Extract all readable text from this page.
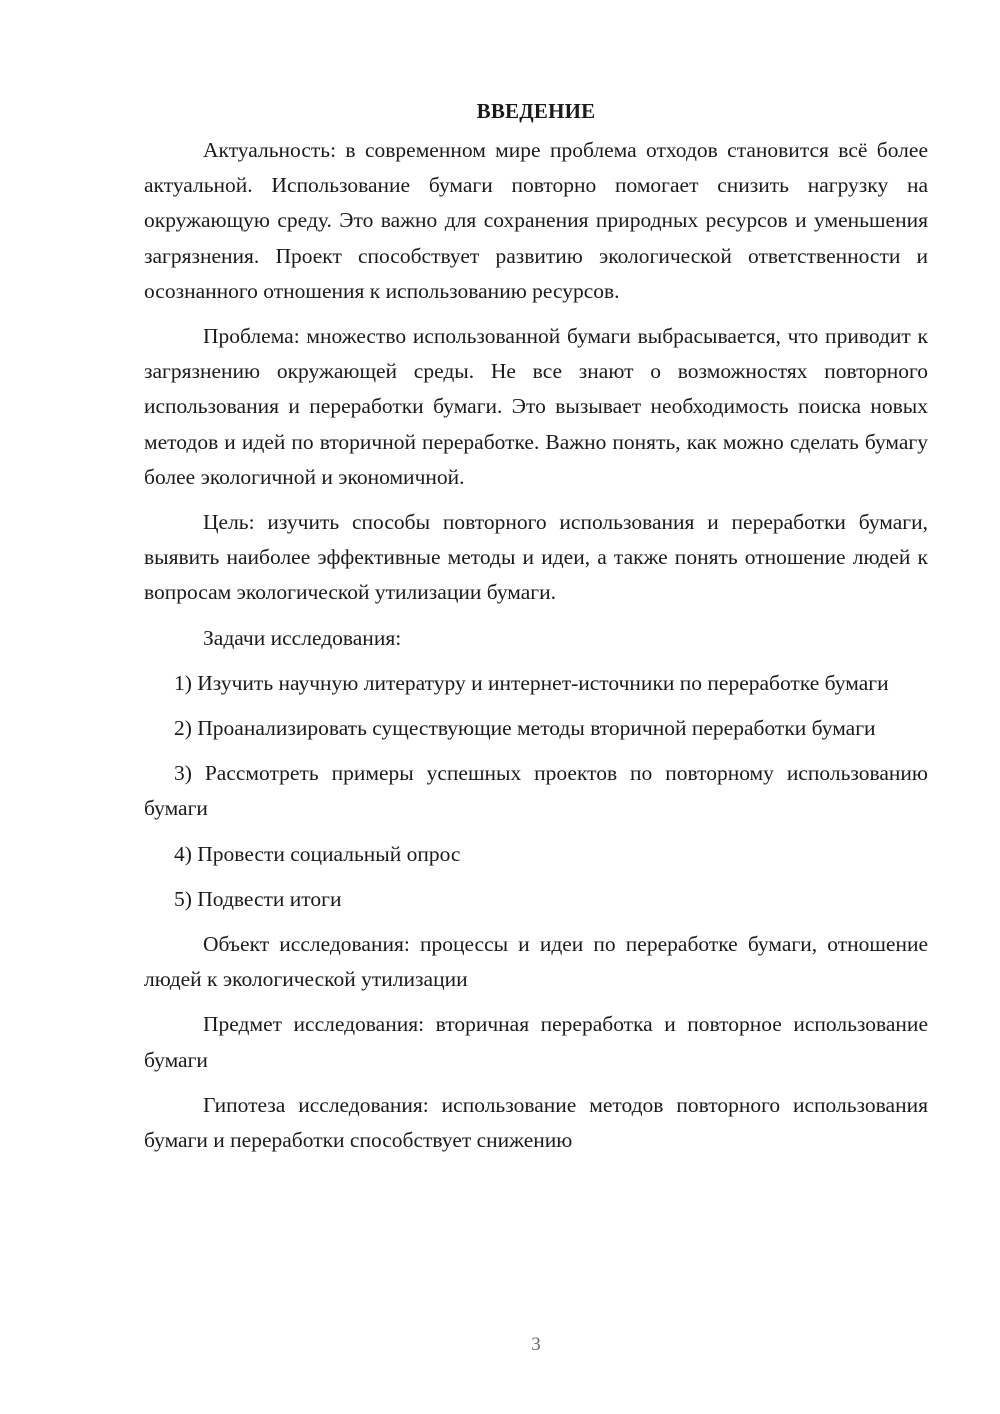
ВВЕДЕНИЕ

Актуальность: в современном мире проблема отходов становится всё более актуальной. Использование бумаги повторно помогает снизить нагрузку на окружающую среду. Это важно для сохранения природных ресурсов и уменьшения загрязнения. Проект способствует развитию экологической ответственности и осознанного отношения к использованию ресурсов.

Проблема: множество использованной бумаги выбрасывается, что приводит к загрязнению окружающей среды. Не все знают о возможностях повторного использования и переработки бумаги. Это вызывает необходимость поиска новых методов и идей по вторичной переработке. Важно понять, как можно сделать бумагу более экологичной и экономичной.

Цель: изучить способы повторного использования и переработки бумаги, выявить наиболее эффективные методы и идеи, а также понять отношение людей к вопросам экологической утилизации бумаги.

Задачи исследования:

1) Изучить научную литературу и интернет-источники по переработке бумаги

2) Проанализировать существующие методы вторичной переработки бумаги

3) Рассмотреть примеры успешных проектов по повторному использованию бумаги

4) Провести социальный опрос

5) Подвести итоги

Объект исследования: процессы и идеи по переработке бумаги, отношение людей к экологической утилизации

Предмет исследования: вторичная переработка и повторное использование бумаги

Гипотеза исследования: использование методов повторного использования бумаги и переработки способствует снижению

3
